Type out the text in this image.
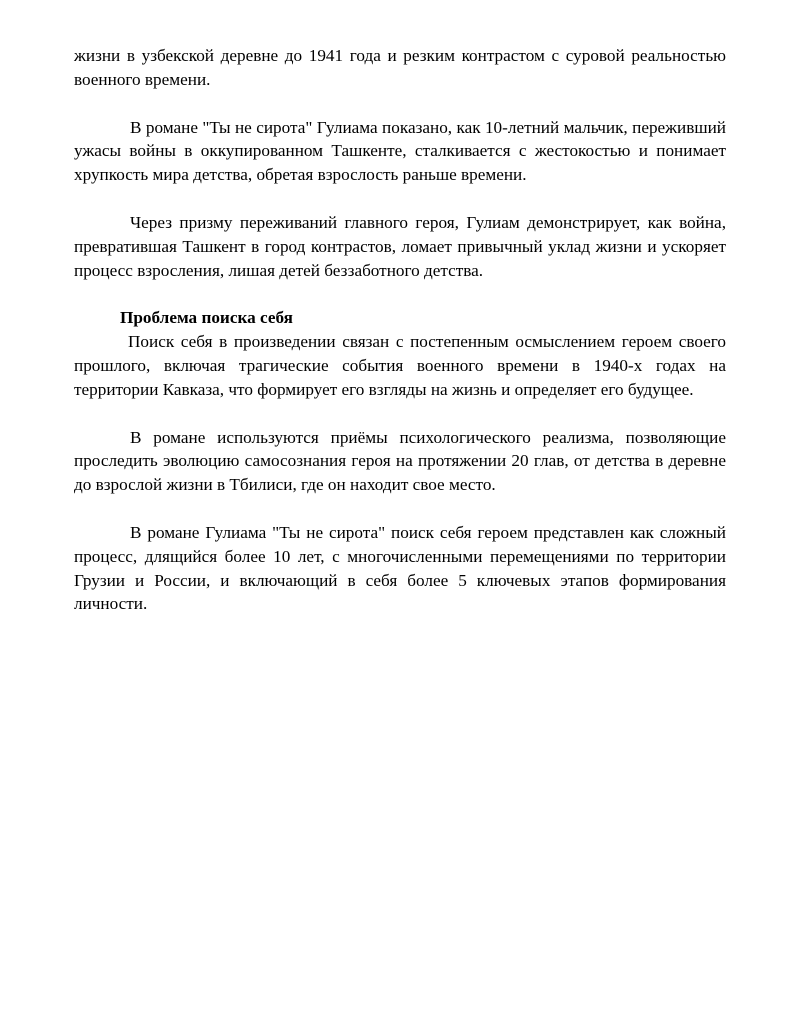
жизни в узбекской деревне до 1941 года и резким контрастом с суровой реальностью военного времени.

В романе "Ты не сирота" Гулиама показано, как 10-летний мальчик, переживший ужасы войны в оккупированном Ташкенте, сталкивается с жестокостью и понимает хрупкость мира детства, обретая взрослость раньше времени.

Через призму переживаний главного героя, Гулиам демонстрирует, как война, превратившая Ташкент в город контрастов, ломает привычный уклад жизни и ускоряет процесс взросления, лишая детей беззаботного детства.

Проблема поиска себя

Поиск себя в произведении связан с постепенным осмыслением героем своего прошлого, включая трагические события военного времени в 1940-х годах на территории Кавказа, что формирует его взгляды на жизнь и определяет его будущее.

В романе используются приёмы психологического реализма, позволяющие проследить эволюцию самосознания героя на протяжении 20 глав, от детства в деревне до взрослой жизни в Тбилиси, где он находит свое место.

В романе Гулиама "Ты не сирота" поиск себя героем представлен как сложный процесс, длящийся более 10 лет, с многочисленными перемещениями по территории Грузии и России, и включающий в себя более 5 ключевых этапов формирования личности.
